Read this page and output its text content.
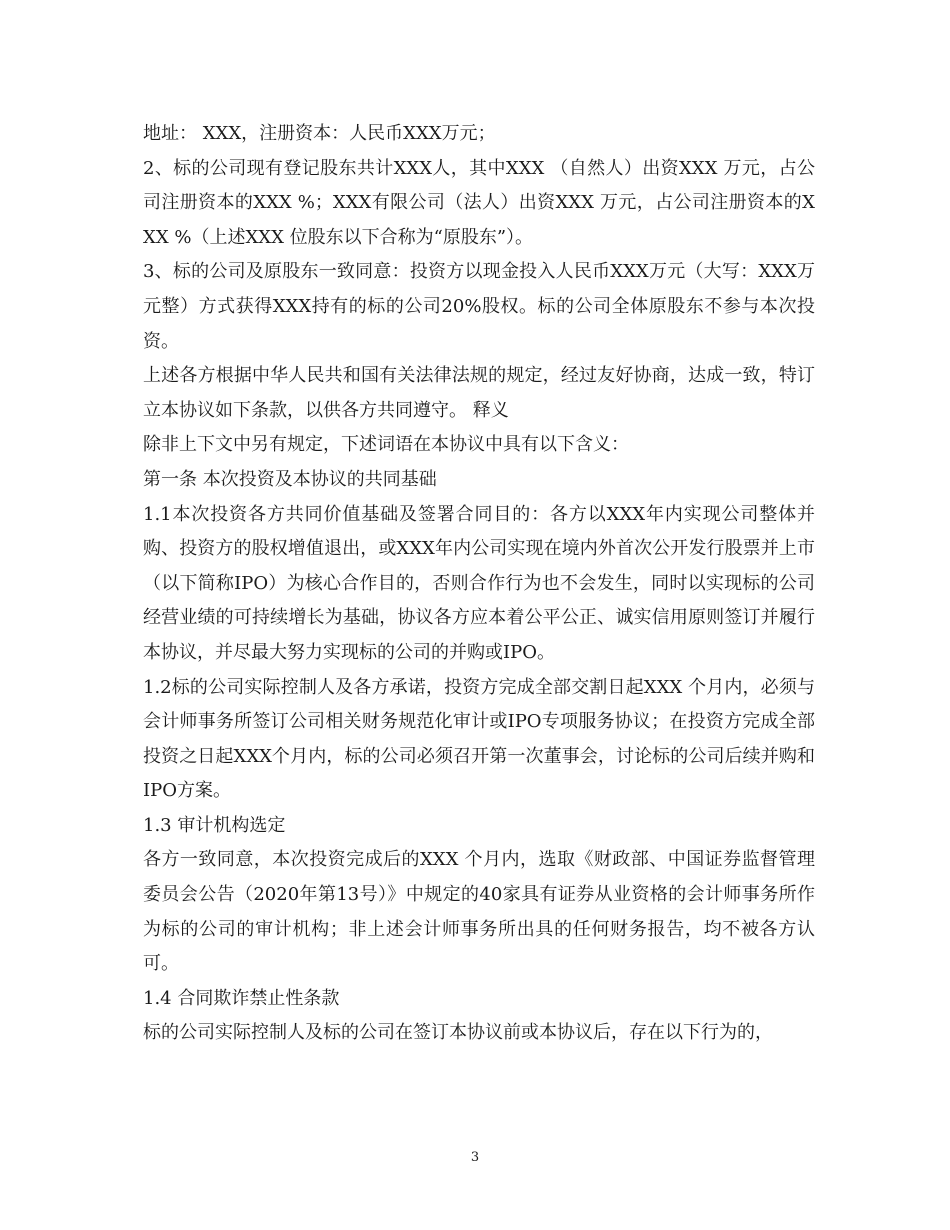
地址： XXX，注册资本：人民币XXX万元；

2、标的公司现有登记股东共计XXX人，其中XXX （自然人）出资XXX 万元，占公司注册资本的XXX %；XXX有限公司（法人）出资XXX 万元，占公司注册资本的XXX %（上述XXX 位股东以下合称为“原股东”）。

3、标的公司及原股东一致同意：投资方以现金投入人民币XXX万元（大写：XXX万元整）方式获得XXX持有的标的公司20%股权。标的公司全体原股东不参与本次投资。

上述各方根据中华人民共和国有关法律法规的规定，经过友好协商，达成一致，特订立本协议如下条款，以供各方共同遵守。 释义

除非上下文中另有规定，下述词语在本协议中具有以下含义：

第一条 本次投资及本协议的共同基础

1.1本次投资各方共同价值基础及签署合同目的：各方以XXX年内实现公司整体并购、投资方的股权增值退出，或XXX年内公司实现在境内外首次公开发行股票并上市（以下简称IPO）为核心合作目的，否则合作行为也不会发生，同时以实现标的公司经营业绩的可持续增长为基础，协议各方应本着公平公正、诚实信用原则签订并履行本协议，并尽最大努力实现标的公司的并购或IPO。

1.2标的公司实际控制人及各方承诺，投资方完成全部交割日起XXX 个月内，必须与会计师事务所签订公司相关财务规范化审计或IPO专项服务协议；在投资方完成全部投资之日起XXX个月内，标的公司必须召开第一次董事会，讨论标的公司后续并购和IPO方案。

1.3 审计机构选定

各方一致同意，本次投资完成后的XXX 个月内，选取《财政部、中国证券监督管理委员会公告（2020年第13号）》中规定的40家具有证券从业资格的会计师事务所作为标的公司的审计机构；非上述会计师事务所出具的任何财务报告，均不被各方认可。

1.4 合同欺诈禁止性条款

标的公司实际控制人及标的公司在签订本协议前或本协议后，存在以下行为的，

3
